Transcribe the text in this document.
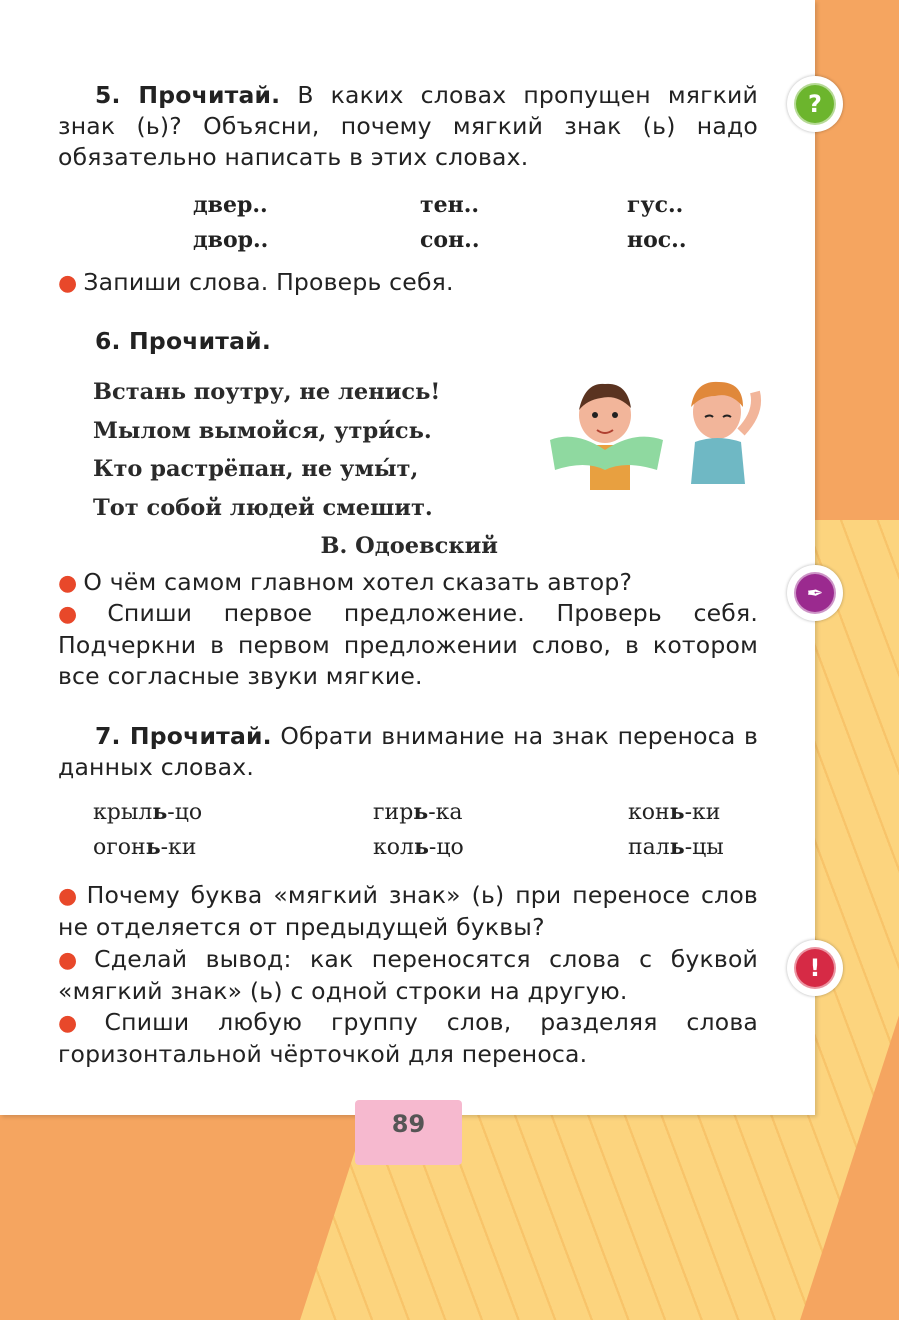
5. Прочитай. В каких словах пропущен мягкий знак (ь)? Объясни, почему мягкий знак (ь) надо обязательно написать в этих словах.

двер..	тен..	гус..
двор..	сон..	нос..

● Запиши слова. Проверь себя.

6. Прочитай.

Встань поутру, не ленись!
Мылом вымойся, утри́сь.
Кто растрёпан, не умы́т,
Тот собой людей смешит.
В. Одоевский

● О чём самом главном хотел сказать автор?

● Спиши первое предложение. Проверь себя. Подчеркни в первом предложении слово, в котором все согласные звуки мягкие.

7. Прочитай. Обрати внимание на знак переноса в данных словах.

крыль-цо	гирь-ка	конь-ки
огонь-ки	коль-цо	паль-цы

● Почему буква «мягкий знак» (ь) при переносе слов не отделяется от предыдущей буквы?

● Сделай вывод: как переносятся слова с буквой «мягкий знак» (ь) с одной строки на другую.

● Спиши любую группу слов, разделяя слова горизонтальной чёрточкой для переноса.

?
✒
!
89
